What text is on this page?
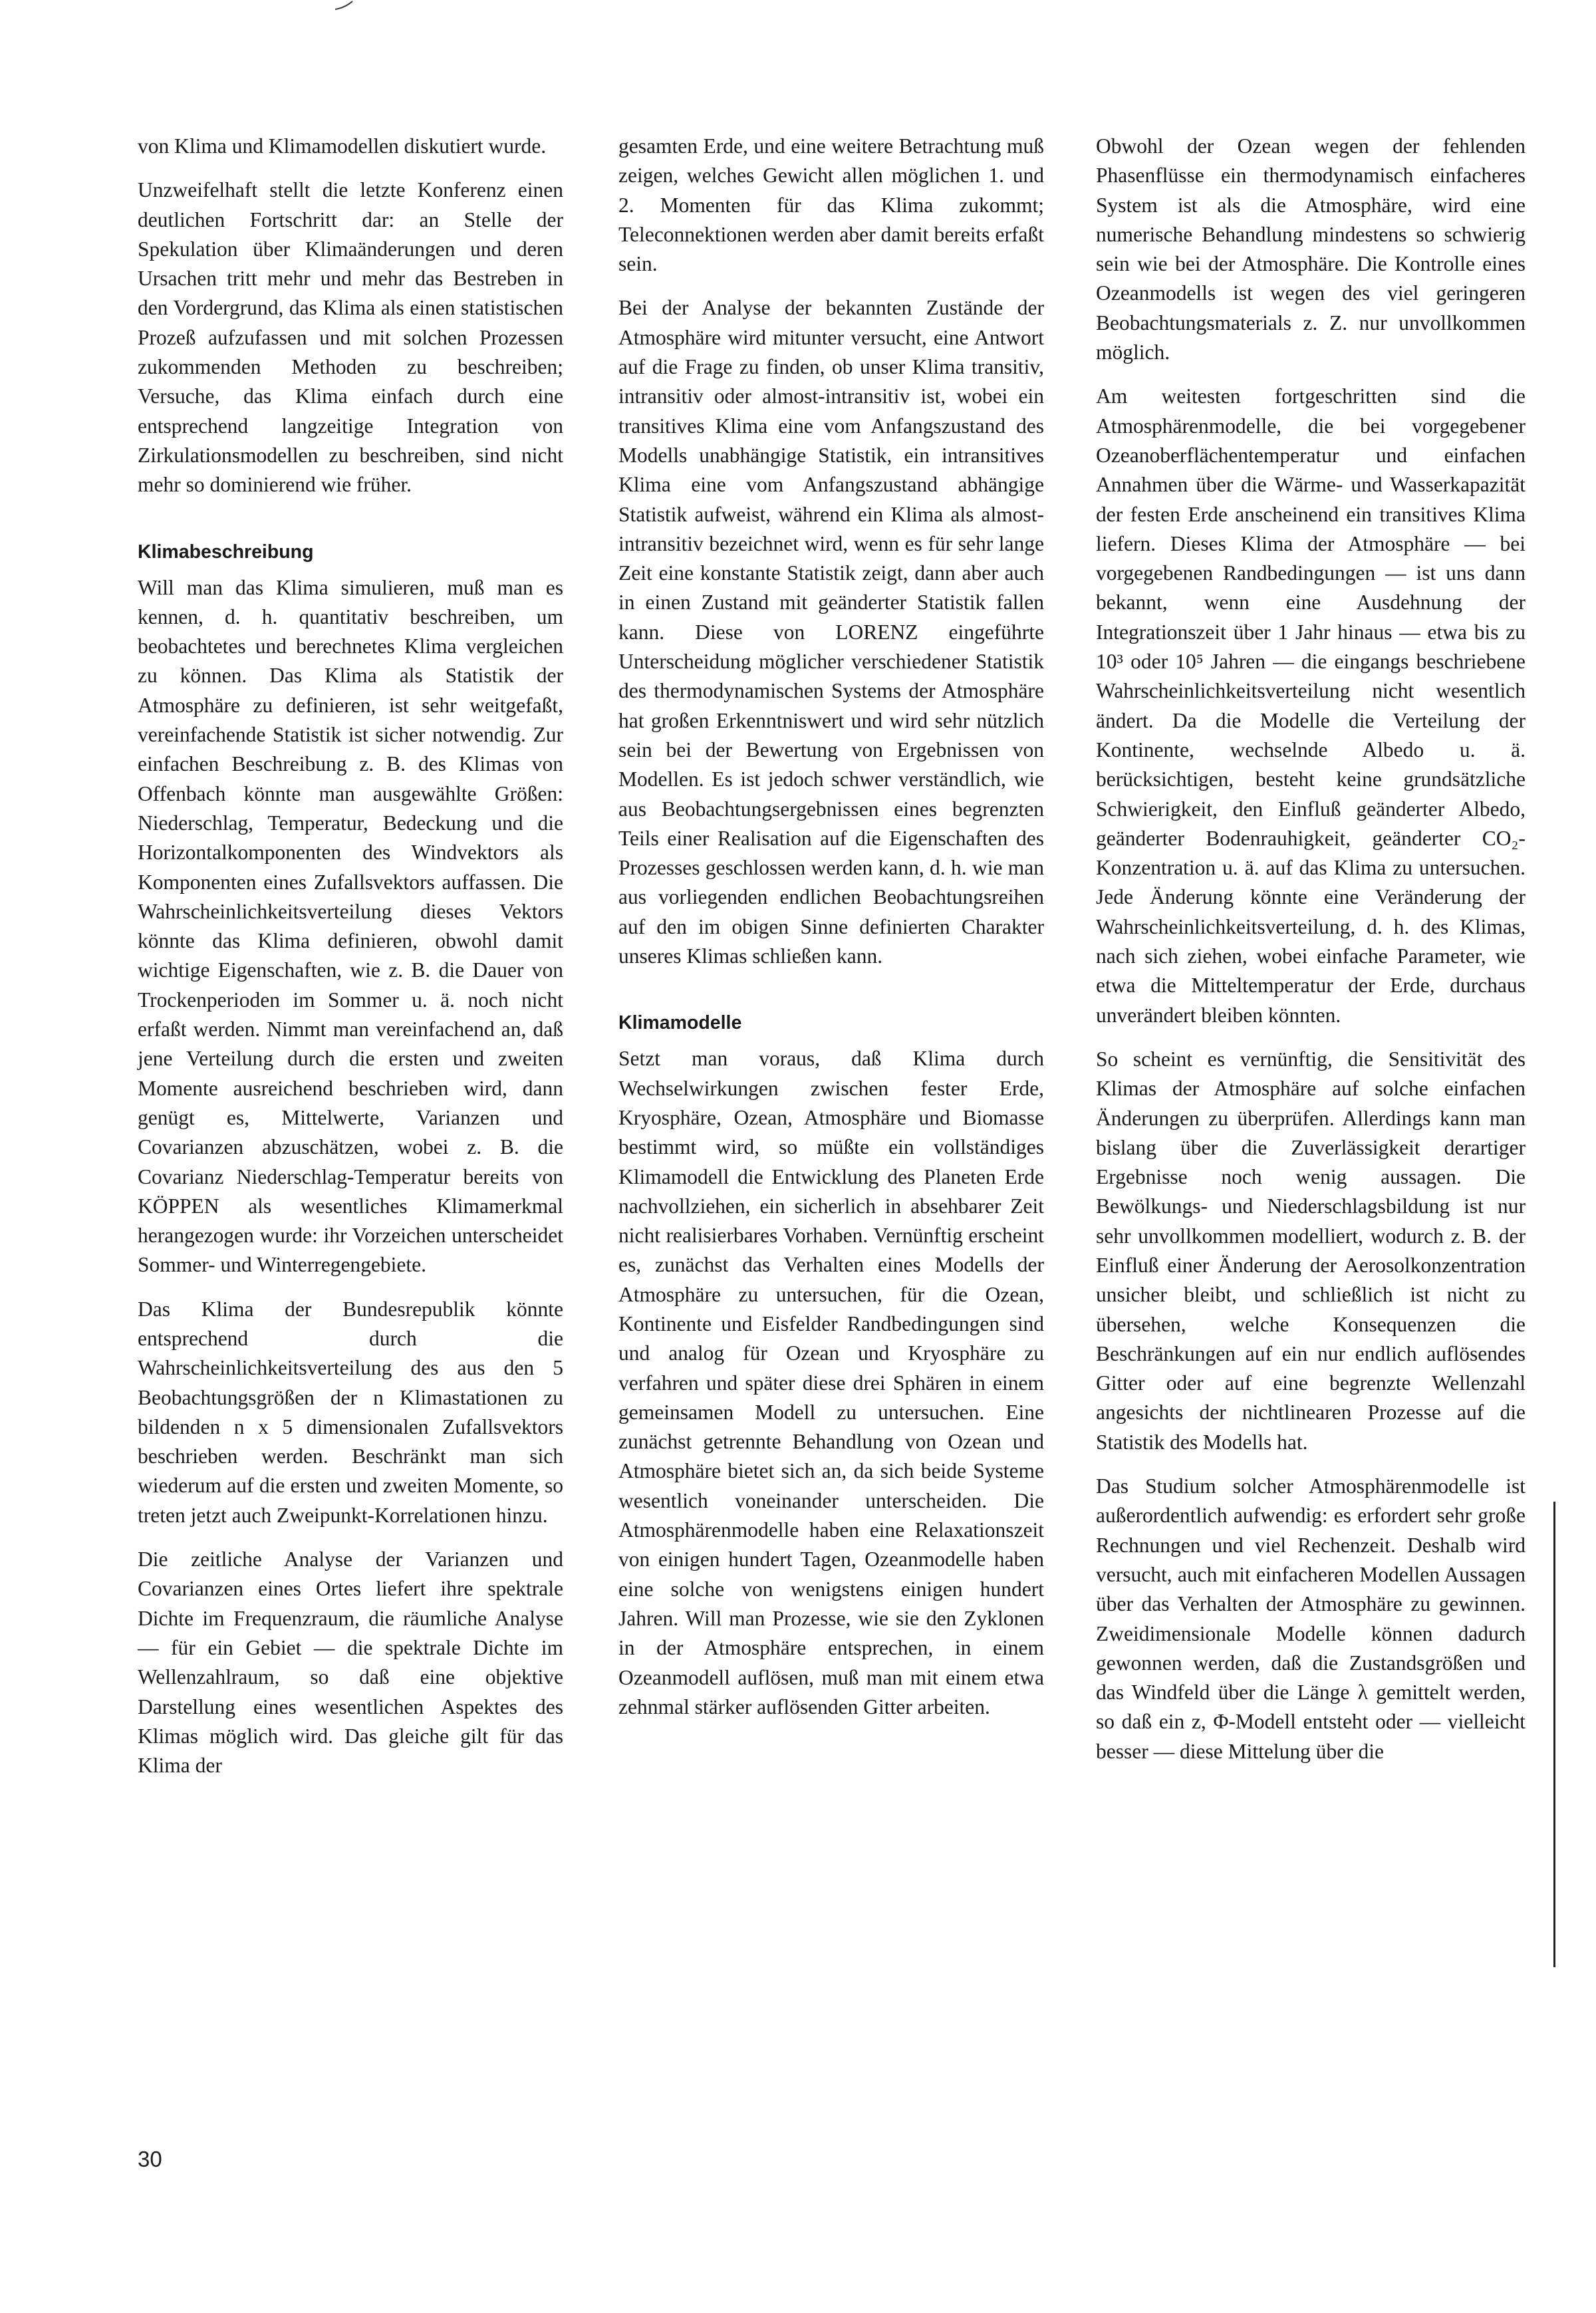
von Klima und Klimamodellen diskutiert wurde.

Unzweifelhaft stellt die letzte Konferenz einen deutlichen Fortschritt dar: an Stelle der Spekulation über Klimaänderungen und deren Ursachen tritt mehr und mehr das Bestreben in den Vordergrund, das Klima als einen statistischen Prozeß aufzufassen und mit solchen Prozessen zukommenden Methoden zu beschreiben; Versuche, das Klima einfach durch eine entsprechend langzeitige Integration von Zirkulationsmodellen zu beschreiben, sind nicht mehr so dominierend wie früher.

Klimabeschreibung

Will man das Klima simulieren, muß man es kennen, d. h. quantitativ beschreiben, um beobachtetes und berechnetes Klima vergleichen zu können. Das Klima als Statistik der Atmosphäre zu definieren, ist sehr weitgefaßt, vereinfachende Statistik ist sicher notwendig. Zur einfachen Beschreibung z. B. des Klimas von Offenbach könnte man ausgewählte Größen: Niederschlag, Temperatur, Bedeckung und die Horizontalkomponenten des Windvektors als Komponenten eines Zufallsvektors auffassen. Die Wahrscheinlichkeitsverteilung dieses Vektors könnte das Klima definieren, obwohl damit wichtige Eigenschaften, wie z. B. die Dauer von Trockenperioden im Sommer u. ä. noch nicht erfaßt werden. Nimmt man vereinfachend an, daß jene Verteilung durch die ersten und zweiten Momente ausreichend beschrieben wird, dann genügt es, Mittelwerte, Varianzen und Covarianzen abzuschätzen, wobei z. B. die Covarianz Niederschlag-Temperatur bereits von KÖPPEN als wesentliches Klimamerkmal herangezogen wurde: ihr Vorzeichen unterscheidet Sommer- und Winterregengebiete.

Das Klima der Bundesrepublik könnte entsprechend durch die Wahrscheinlichkeitsverteilung des aus den 5 Beobachtungsgrößen der n Klimastationen zu bildenden n x 5 dimensionalen Zufallsvektors beschrieben werden. Beschränkt man sich wiederum auf die ersten und zweiten Momente, so treten jetzt auch Zweipunkt-Korrelationen hinzu.

Die zeitliche Analyse der Varianzen und Covarianzen eines Ortes liefert ihre spektrale Dichte im Frequenzraum, die räumliche Analyse — für ein Gebiet — die spektrale Dichte im Wellenzahlraum, so daß eine objektive Darstellung eines wesentlichen Aspektes des Klimas möglich wird. Das gleiche gilt für das Klima der

gesamten Erde, und eine weitere Betrachtung muß zeigen, welches Gewicht allen möglichen 1. und 2. Momenten für das Klima zukommt; Teleconnektionen werden aber damit bereits erfaßt sein.

Bei der Analyse der bekannten Zustände der Atmosphäre wird mitunter versucht, eine Antwort auf die Frage zu finden, ob unser Klima transitiv, intransitiv oder almost-intransitiv ist, wobei ein transitives Klima eine vom Anfangszustand des Modells unabhängige Statistik, ein intransitives Klima eine vom Anfangszustand abhängige Statistik aufweist, während ein Klima als almost-intransitiv bezeichnet wird, wenn es für sehr lange Zeit eine konstante Statistik zeigt, dann aber auch in einen Zustand mit geänderter Statistik fallen kann. Diese von LORENZ eingeführte Unterscheidung möglicher verschiedener Statistik des thermodynamischen Systems der Atmosphäre hat großen Erkenntniswert und wird sehr nützlich sein bei der Bewertung von Ergebnissen von Modellen. Es ist jedoch schwer verständlich, wie aus Beobachtungsergebnissen eines begrenzten Teils einer Realisation auf die Eigenschaften des Prozesses geschlossen werden kann, d. h. wie man aus vorliegenden endlichen Beobachtungsreihen auf den im obigen Sinne definierten Charakter unseres Klimas schließen kann.

Klimamodelle

Setzt man voraus, daß Klima durch Wechselwirkungen zwischen fester Erde, Kryosphäre, Ozean, Atmosphäre und Biomasse bestimmt wird, so müßte ein vollständiges Klimamodell die Entwicklung des Planeten Erde nachvollziehen, ein sicherlich in absehbarer Zeit nicht realisierbares Vorhaben. Vernünftig erscheint es, zunächst das Verhalten eines Modells der Atmosphäre zu untersuchen, für die Ozean, Kontinente und Eisfelder Randbedingungen sind und analog für Ozean und Kryosphäre zu verfahren und später diese drei Sphären in einem gemeinsamen Modell zu untersuchen. Eine zunächst getrennte Behandlung von Ozean und Atmosphäre bietet sich an, da sich beide Systeme wesentlich voneinander unterscheiden. Die Atmosphärenmodelle haben eine Relaxationszeit von einigen hundert Tagen, Ozeanmodelle haben eine solche von wenigstens einigen hundert Jahren. Will man Prozesse, wie sie den Zyklonen in der Atmosphäre entsprechen, in einem Ozeanmodell auflösen, muß man mit einem etwa zehnmal stärker auflösenden Gitter arbeiten.

Obwohl der Ozean wegen der fehlenden Phasenflüsse ein thermodynamisch einfacheres System ist als die Atmosphäre, wird eine numerische Behandlung mindestens so schwierig sein wie bei der Atmosphäre. Die Kontrolle eines Ozeanmodells ist wegen des viel geringeren Beobachtungsmaterials z. Z. nur unvollkommen möglich.

Am weitesten fortgeschritten sind die Atmosphärenmodelle, die bei vorgegebener Ozeanoberflächentemperatur und einfachen Annahmen über die Wärme- und Wasserkapazität der festen Erde anscheinend ein transitives Klima liefern. Dieses Klima der Atmosphäre — bei vorgegebenen Randbedingungen — ist uns dann bekannt, wenn eine Ausdehnung der Integrationszeit über 1 Jahr hinaus — etwa bis zu 10³ oder 10⁵ Jahren — die eingangs beschriebene Wahrscheinlichkeitsverteilung nicht wesentlich ändert. Da die Modelle die Verteilung der Kontinente, wechselnde Albedo u. ä. berücksichtigen, besteht keine grundsätzliche Schwierigkeit, den Einfluß geänderter Albedo, geänderter Bodenrauhigkeit, geänderter CO₂-Konzentration u. ä. auf das Klima zu untersuchen. Jede Änderung könnte eine Veränderung der Wahrscheinlichkeitsverteilung, d. h. des Klimas, nach sich ziehen, wobei einfache Parameter, wie etwa die Mitteltemperatur der Erde, durchaus unverändert bleiben könnten.

So scheint es vernünftig, die Sensitivität des Klimas der Atmosphäre auf solche einfachen Änderungen zu überprüfen. Allerdings kann man bislang über die Zuverlässigkeit derartiger Ergebnisse noch wenig aussagen. Die Bewölkungs- und Niederschlagsbildung ist nur sehr unvollkommen modelliert, wodurch z. B. der Einfluß einer Änderung der Aerosolkonzentration unsicher bleibt, und schließlich ist nicht zu übersehen, welche Konsequenzen die Beschränkungen auf ein nur endlich auflösendes Gitter oder auf eine begrenzte Wellenzahl angesichts der nichtlinearen Prozesse auf die Statistik des Modells hat.

Das Studium solcher Atmosphärenmodelle ist außerordentlich aufwendig: es erfordert sehr große Rechnungen und viel Rechenzeit. Deshalb wird versucht, auch mit einfacheren Modellen Aussagen über das Verhalten der Atmosphäre zu gewinnen. Zweidimensionale Modelle können dadurch gewonnen werden, daß die Zustandsgrößen und das Windfeld über die Länge λ gemittelt werden, so daß ein z, Φ-Modell entsteht oder — vielleicht besser — diese Mittelung über die

30
